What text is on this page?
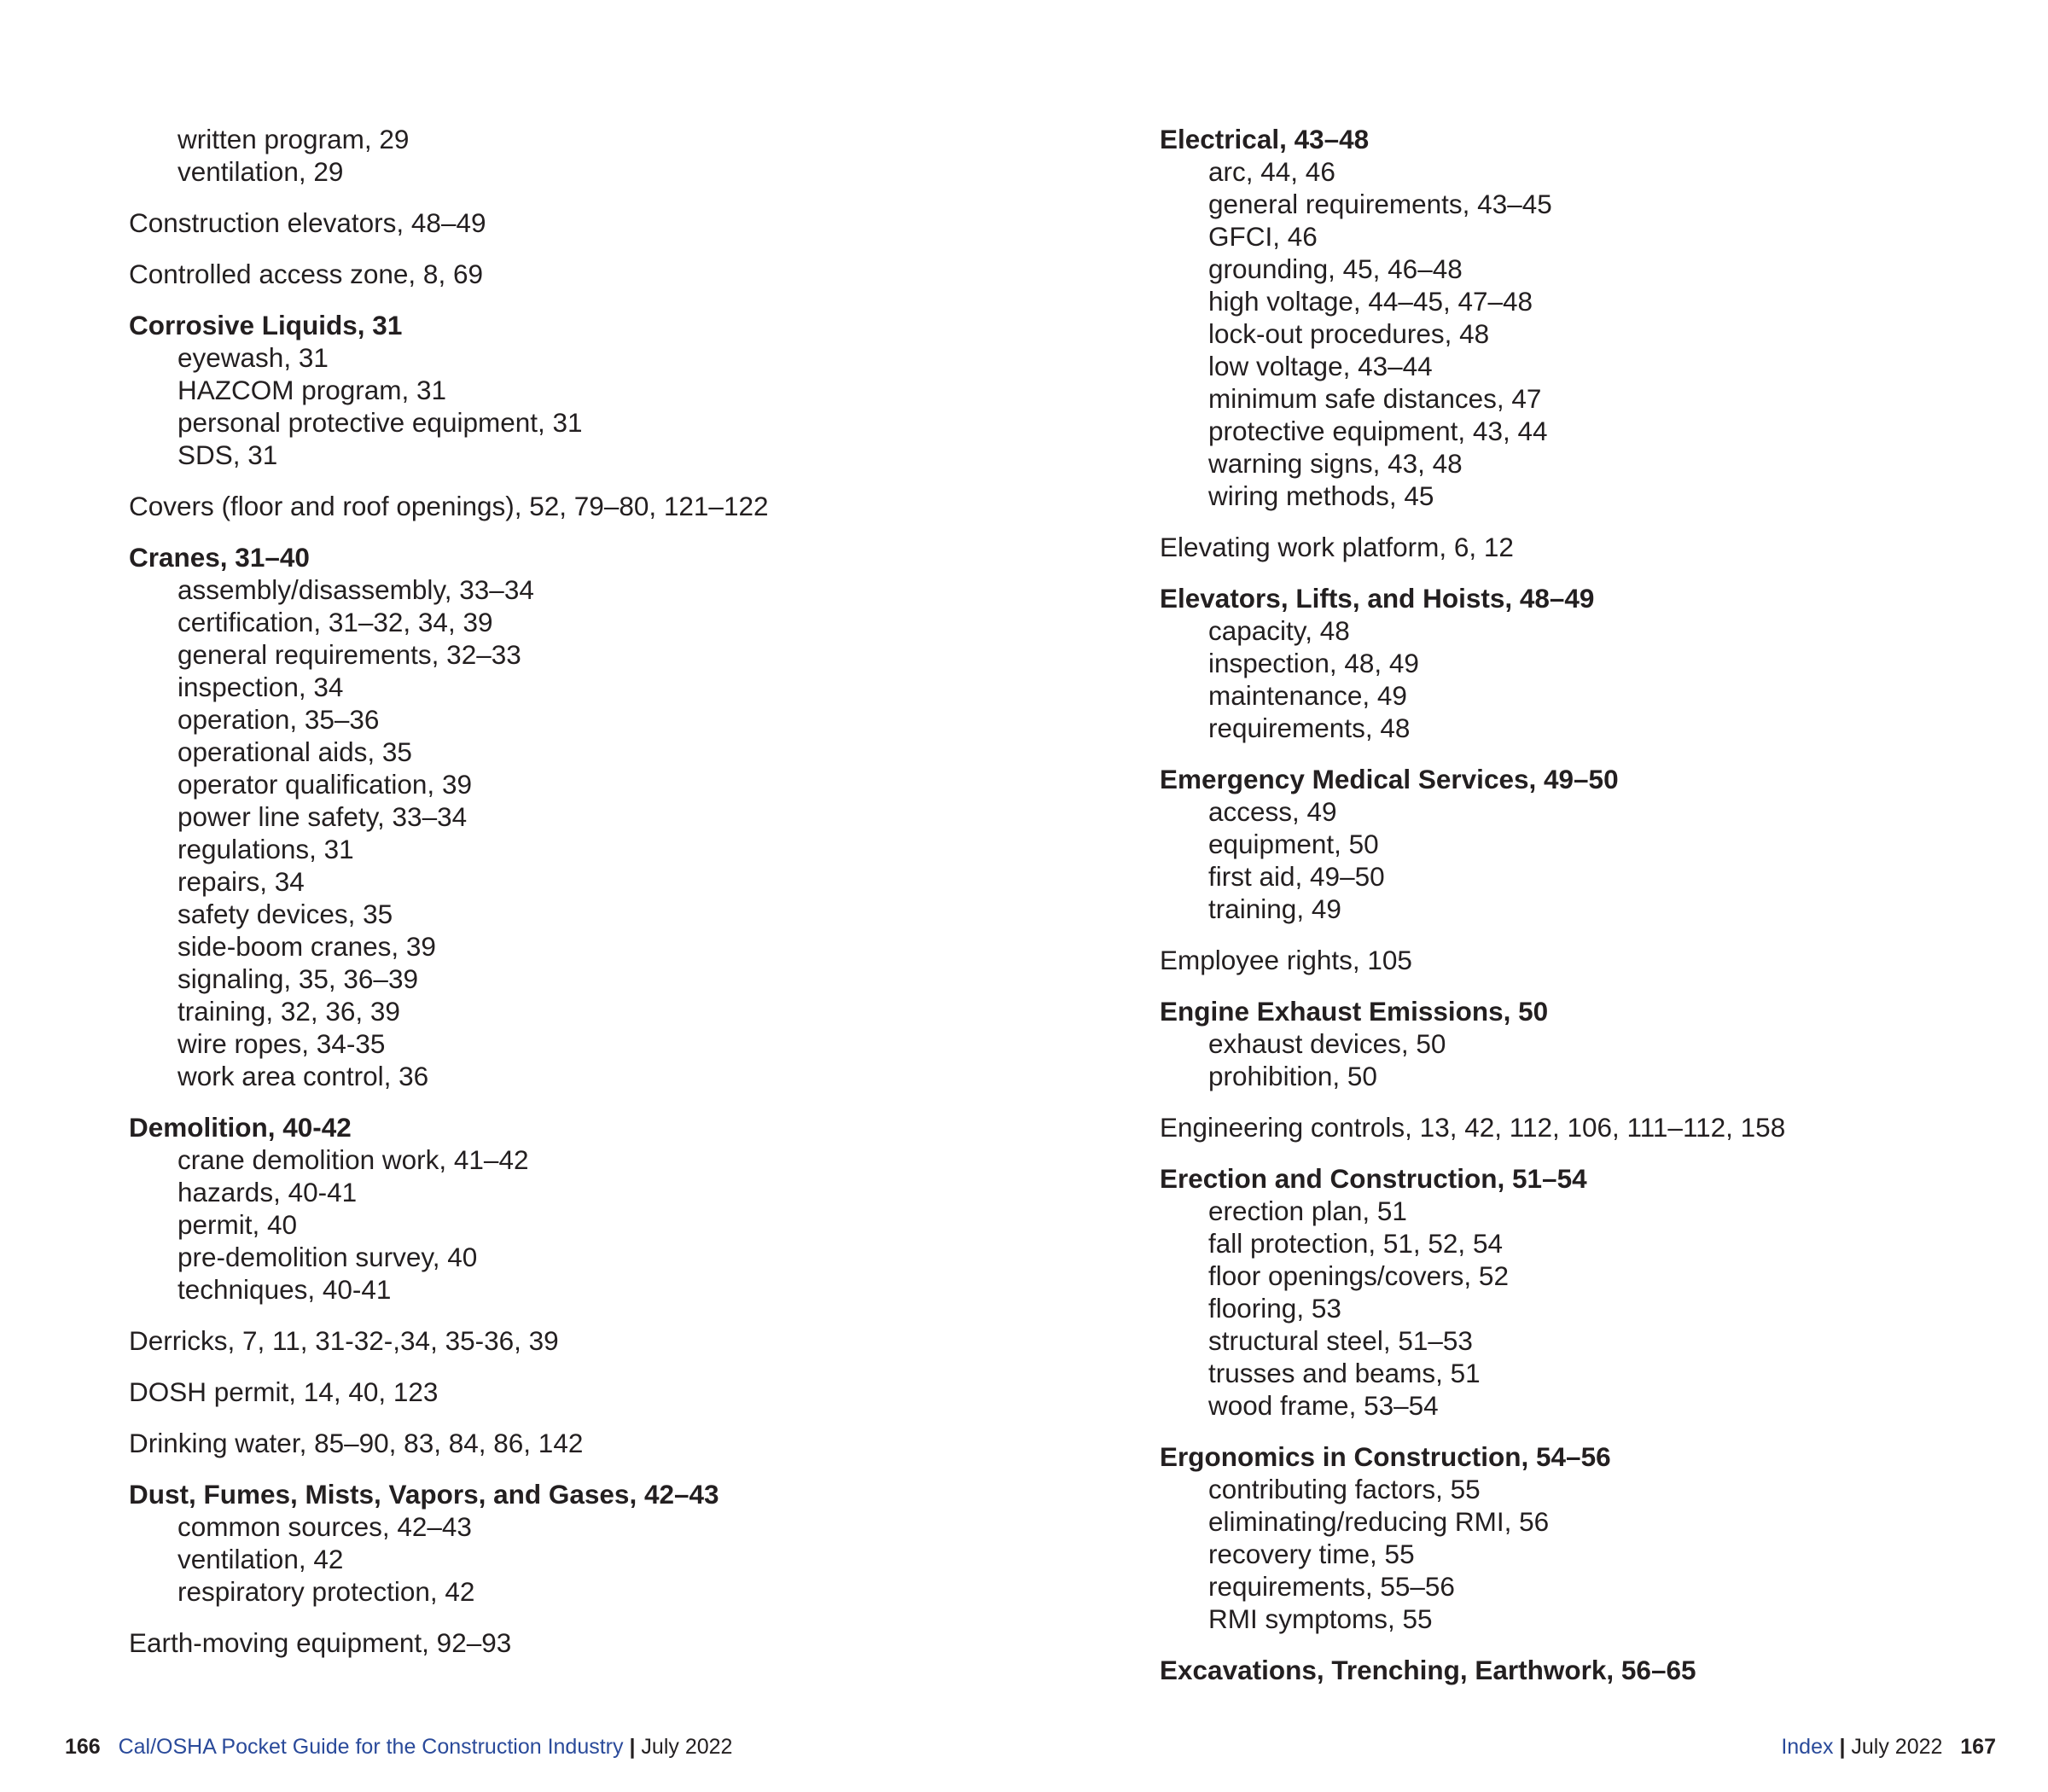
written program, 29
ventilation, 29
Construction elevators, 48–49
Controlled access zone, 8, 69
Corrosive Liquids, 31
eyewash, 31
HAZCOM program, 31
personal protective equipment, 31
SDS, 31
Covers (floor and roof openings), 52, 79–80, 121–122
Cranes, 31–40
assembly/disassembly, 33–34
certification, 31–32, 34, 39
general requirements, 32–33
inspection, 34
operation, 35–36
operational aids, 35
operator qualification, 39
power line safety, 33–34
regulations, 31
repairs, 34
safety devices, 35
side-boom cranes, 39
signaling, 35, 36–39
training, 32, 36, 39
wire ropes, 34-35
work area control, 36
Demolition, 40-42
crane demolition work, 41–42
hazards, 40-41
permit, 40
pre-demolition survey, 40
techniques, 40-41
Derricks, 7, 11, 31-32-,34, 35-36, 39
DOSH permit, 14, 40, 123
Drinking water, 85–90, 83, 84, 86, 142
Dust, Fumes, Mists, Vapors, and Gases, 42–43
common sources, 42–43
ventilation, 42
respiratory protection, 42
Earth-moving equipment, 92–93
Electrical, 43–48
arc, 44, 46
general requirements, 43–45
GFCI, 46
grounding, 45, 46–48
high voltage, 44–45, 47–48
lock-out procedures, 48
low voltage, 43–44
minimum safe distances, 47
protective equipment, 43, 44
warning signs, 43, 48
wiring methods, 45
Elevating work platform, 6, 12
Elevators, Lifts, and Hoists, 48–49
capacity, 48
inspection, 48, 49
maintenance, 49
requirements, 48
Emergency Medical Services, 49–50
access, 49
equipment, 50
first aid, 49–50
training, 49
Employee rights, 105
Engine Exhaust Emissions, 50
exhaust devices, 50
prohibition, 50
Engineering controls, 13, 42, 112, 106, 111–112, 158
Erection and Construction, 51–54
erection plan, 51
fall protection, 51, 52, 54
floor openings/covers, 52
flooring, 53
structural steel, 51–53
trusses and beams, 51
wood frame, 53–54
Ergonomics in Construction, 54–56
contributing factors, 55
eliminating/reducing RMI, 56
recovery time, 55
requirements, 55–56
RMI symptoms, 55
Excavations, Trenching, Earthwork, 56–65
166 Cal/OSHA Pocket Guide for the Construction Industry | July 2022	Index | July 2022 167
